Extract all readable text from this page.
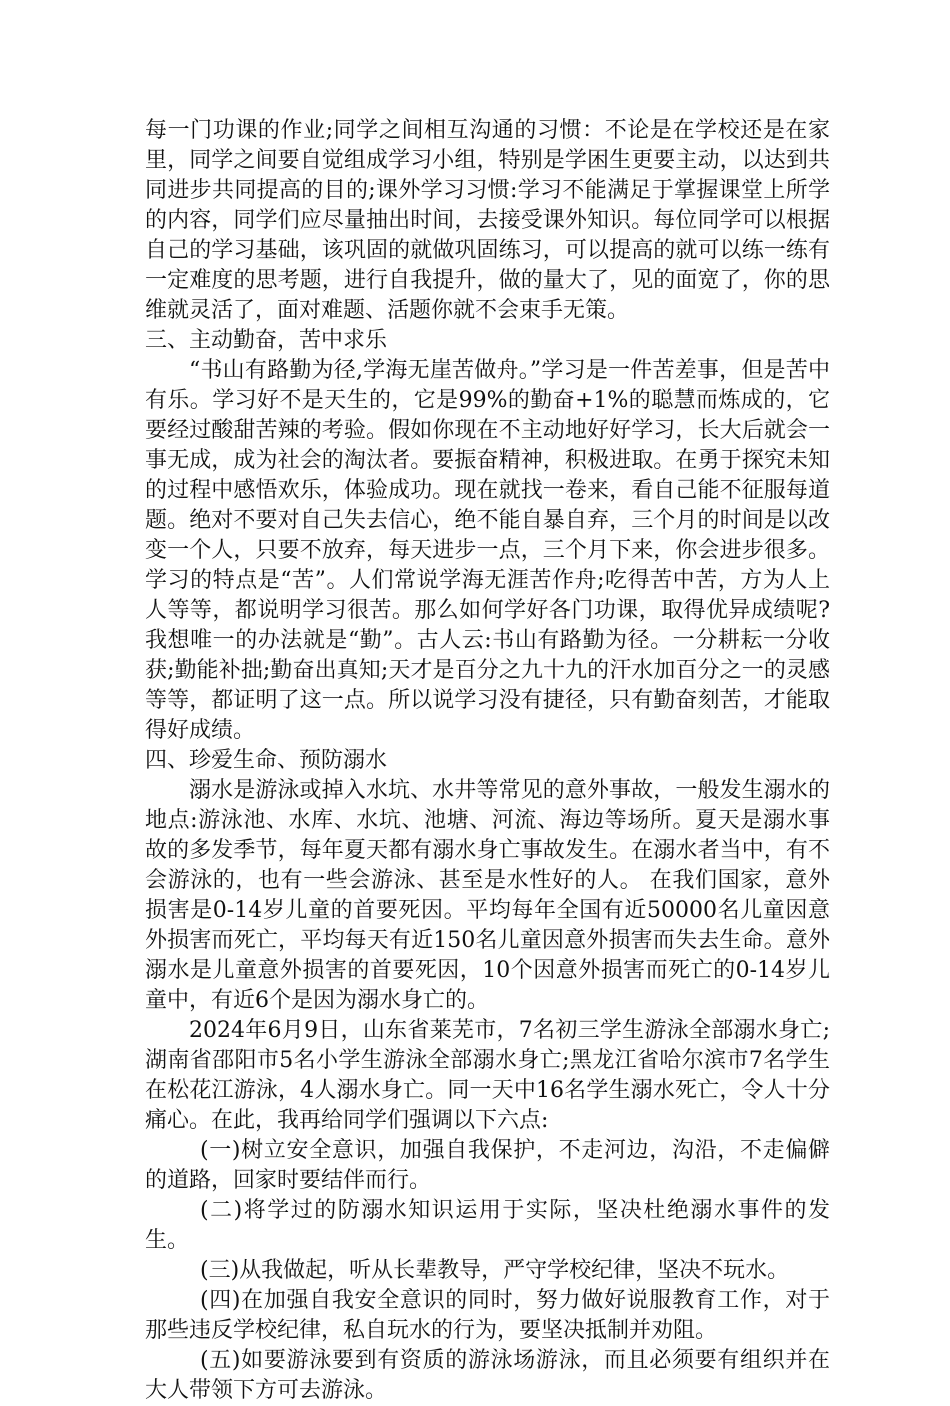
每一门功课的作业;同学之间相互沟通的习惯：不论是在学校还是在家里，同学之间要自觉组成学习小组，特别是学困生更要主动，以达到共同进步共同提高的目的;课外学习习惯:学习不能满足于掌握课堂上所学的内容，同学们应尽量抽出时间，去接受课外知识。每位同学可以根据自己的学习基础，该巩固的就做巩固练习，可以提高的就可以练一练有一定难度的思考题，进行自我提升，做的量大了，见的面宽了，你的思维就灵活了，面对难题、活题你就不会束手无策。

三、主动勤奋，苦中求乐

“书山有路勤为径,学海无崖苦做舟。”学习是一件苦差事，但是苦中有乐。学习好不是天生的，它是99%的勤奋+1%的聪慧而炼成的，它要经过酸甜苦辣的考验。假如你现在不主动地好好学习，长大后就会一事无成，成为社会的淘汰者。要振奋精神，积极进取。在勇于探究未知的过程中感悟欢乐，体验成功。现在就找一卷来，看自己能不征服每道题。绝对不要对自己失去信心，绝不能自暴自弃，三个月的时间是以改变一个人，只要不放弃，每天进步一点，三个月下来，你会进步很多。学习的特点是“苦”。人们常说学海无涯苦作舟;吃得苦中苦，方为人上人等等，都说明学习很苦。那么如何学好各门功课，取得优异成绩呢?我想唯一的办法就是“勤”。古人云:书山有路勤为径。一分耕耘一分收获;勤能补拙;勤奋出真知;天才是百分之九十九的汗水加百分之一的灵感等等，都证明了这一点。所以说学习没有捷径，只有勤奋刻苦，才能取得好成绩。

四、珍爱生命、预防溺水

溺水是游泳或掉入水坑、水井等常见的意外事故，一般发生溺水的地点:游泳池、水库、水坑、池塘、河流、海边等场所。夏天是溺水事故的多发季节，每年夏天都有溺水身亡事故发生。在溺水者当中，有不会游泳的，也有一些会游泳、甚至是水性好的人。 在我们国家，意外损害是0-14岁儿童的首要死因。平均每年全国有近50000名儿童因意外损害而死亡，平均每天有近150名儿童因意外损害而失去生命。意外溺水是儿童意外损害的首要死因，10个因意外损害而死亡的0-14岁儿童中，有近6个是因为溺水身亡的。

2024年6月9日，山东省莱芜市，7名初三学生游泳全部溺水身亡;湖南省邵阳市5名小学生游泳全部溺水身亡;黑龙江省哈尔滨市7名学生在松花江游泳，4人溺水身亡。同一天中16名学生溺水死亡，令人十分痛心。在此，我再给同学们强调以下六点:

(一)树立安全意识，加强自我保护，不走河边，沟沿，不走偏僻的道路，回家时要结伴而行。

(二)将学过的防溺水知识运用于实际，坚决杜绝溺水事件的发生。

(三)从我做起，听从长辈教导，严守学校纪律，坚决不玩水。

(四)在加强自我安全意识的同时，努力做好说服教育工作，对于那些违反学校纪律，私自玩水的行为，要坚决抵制并劝阻。

(五)如要游泳要到有资质的游泳场游泳，而且必须要有组织并在大人带领下方可去游泳。
